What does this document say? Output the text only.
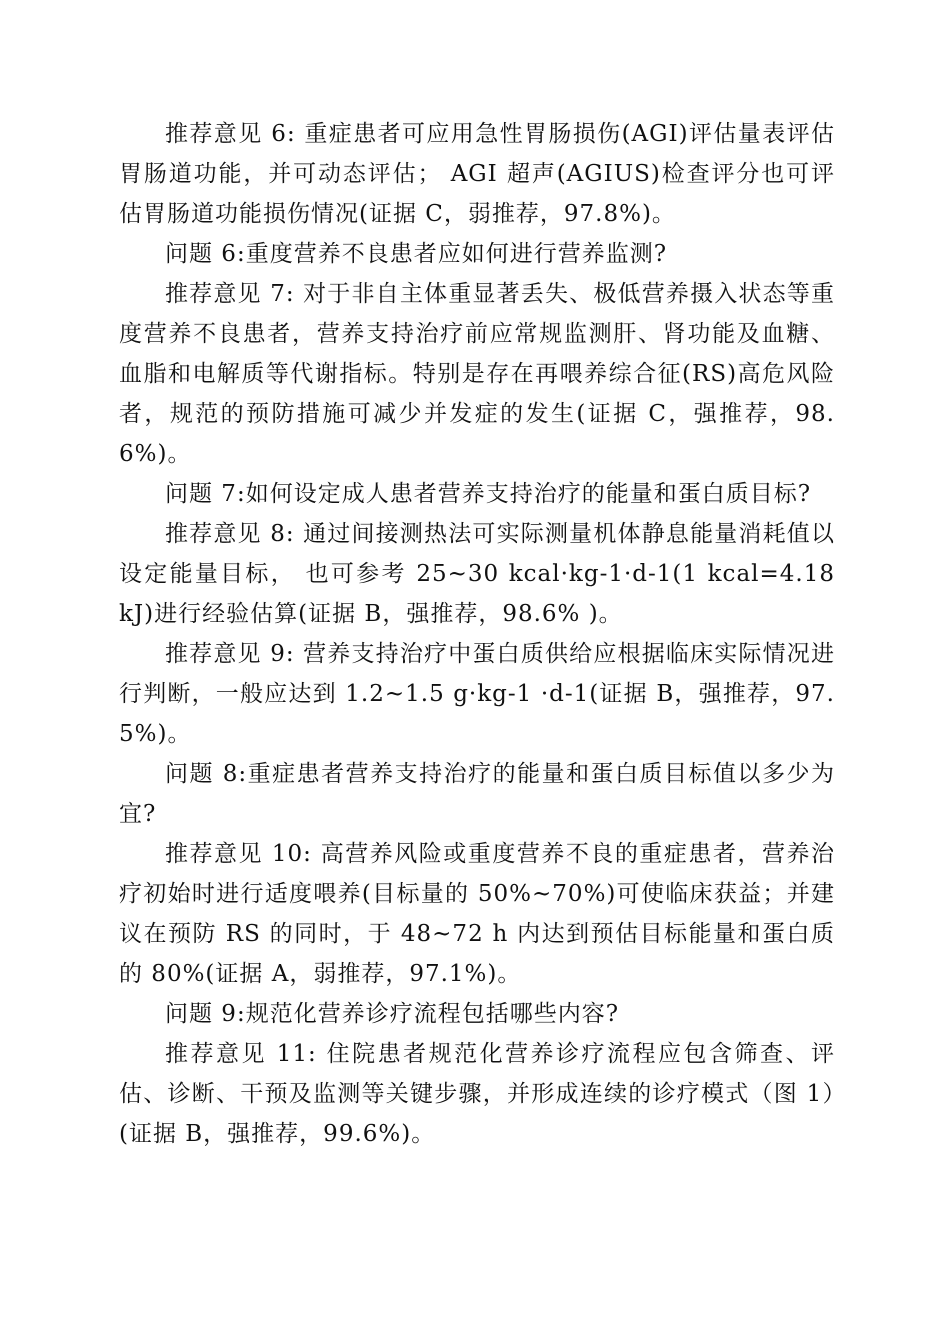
推荐意见 6: 重症患者可应用急性胃肠损伤(AGI)评估量表评估胃肠道功能，并可动态评估； AGI 超声(AGIUS)检查评分也可评估胃肠道功能损伤情况(证据 C，弱推荐，97.8%)。

问题 6:重度营养不良患者应如何进行营养监测?

推荐意见 7: 对于非自主体重显著丢失、极低营养摄入状态等重度营养不良患者，营养支持治疗前应常规监测肝、肾功能及血糖、血脂和电解质等代谢指标。特别是存在再喂养综合征(RS)高危风险者，规范的预防措施可减少并发症的发生(证据 C，强推荐，98.6%)。

问题 7:如何设定成人患者营养支持治疗的能量和蛋白质目标?

推荐意见 8: 通过间接测热法可实际测量机体静息能量消耗值以设定能量目标， 也可参考 25~30 kcal·kg-1·d-1(1 kcal=4.18 kJ)进行经验估算(证据 B，强推荐，98.6% )。

推荐意见 9: 营养支持治疗中蛋白质供给应根据临床实际情况进行判断，一般应达到 1.2~1.5 g·kg-1 ·d-1(证据 B，强推荐，97.5%)。

问题 8:重症患者营养支持治疗的能量和蛋白质目标值以多少为宜?

推荐意见 10: 高营养风险或重度营养不良的重症患者，营养治疗初始时进行适度喂养(目标量的 50%~70%)可使临床获益；并建议在预防 RS 的同时，于 48~72 h 内达到预估目标能量和蛋白质的 80%(证据 A，弱推荐，97.1%)。

问题 9:规范化营养诊疗流程包括哪些内容?

推荐意见 11: 住院患者规范化营养诊疗流程应包含筛查、评估、诊断、干预及监测等关键步骤，并形成连续的诊疗模式（图 1）(证据 B，强推荐，99.6%)。
